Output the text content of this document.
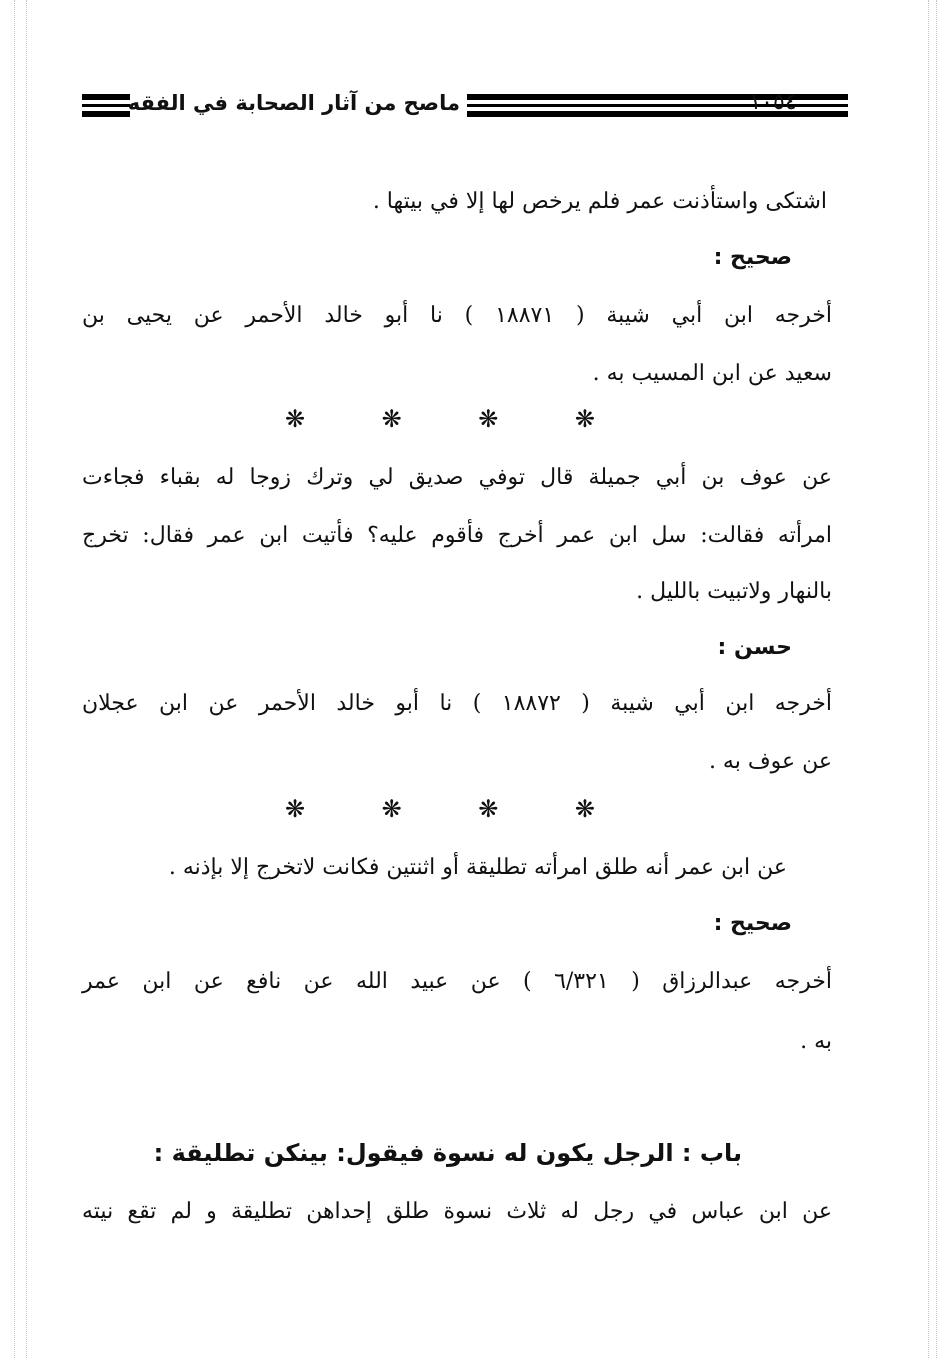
ماصح من آثار الصحابة في الفقه	١٠٥٤
اشتكى واستأذنت عمر فلم يرخص لها إلا في بيتها .
صحيح :
أخرجه ابن أبي شيبة ( ١٨٨٧١ ) نا أبو خالد الأحمر عن يحيى بن
سعيد عن ابن المسيب به .
❋	❋	❋	❋
عن عوف بن أبي جميلة قال توفي صديق لي وترك زوجا له بقباء فجاءت
امرأته فقالت: سل ابن عمر أخرج فأقوم عليه؟ فأتيت ابن عمر فقال: تخرج
بالنهار ولاتبيت بالليل .
حسن :
أخرجه ابن أبي شيبة ( ١٨٨٧٢ ) نا أبو خالد الأحمر عن ابن عجلان
عن عوف به .
❋	❋	❋	❋
عن ابن عمر أنه طلق امرأته تطليقة أو اثنتين فكانت لاتخرج إلا بإذنه .
صحيح :
أخرجه عبدالرزاق ( ٦/٣٢١ ) عن عبيد الله عن نافع عن ابن عمر
به .
باب : الرجل يكون له نسوة فيقول: بينكن تطليقة :
عن ابن عباس في رجل له ثلاث نسوة طلق إحداهن تطليقة و لم تقع نيته
